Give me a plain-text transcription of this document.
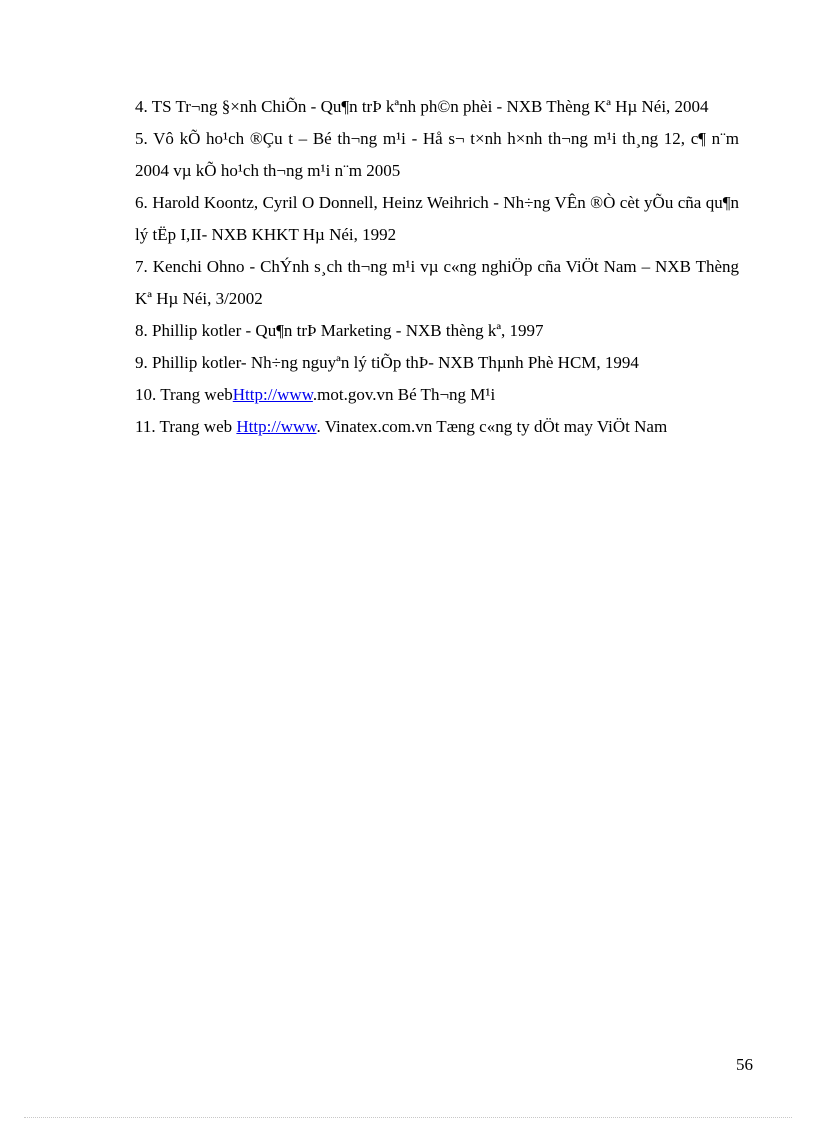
4. TS Tr¬ng §×nh ChiÕn - Qu¶n trÞ kªnh ph©n phèi - NXB Thèng Kª Hµ Néi, 2004

5. Vô kÕ ho¹ch ®Çu t – Bé th¬ng m¹i - Hå s¬ t×nh h×nh th¬ng m¹i th¸ng 12, c¶ n¨m 2004 vµ kÕ ho¹ch th¬ng m¹i n¨m 2005

6. Harold Koontz, Cyril O Donnell, Heinz Weihrich - Nh÷ng VÊn ®Ò cèt yÕu cña qu¶n lý tËp I,II- NXB KHKT Hµ Néi, 1992

7. Kenchi Ohno - ChÝnh s¸ch th¬ng m¹i vµ c«ng nghiÖp cña ViÖt Nam – NXB Thèng Kª Hµ Néi, 3/2002

8. Phillip kotler - Qu¶n trÞ Marketing - NXB thèng kª, 1997

9. Phillip kotler- Nh÷ng nguyªn lý tiÕp thÞ- NXB Thµnh Phè HCM, 1994

10. Trang webHttp://www.mot.gov.vn Bé Th¬ng M¹i

11. Trang web Http://www. Vinatex.com.vn Tæng c«ng ty dÖt may ViÖt Nam

56
